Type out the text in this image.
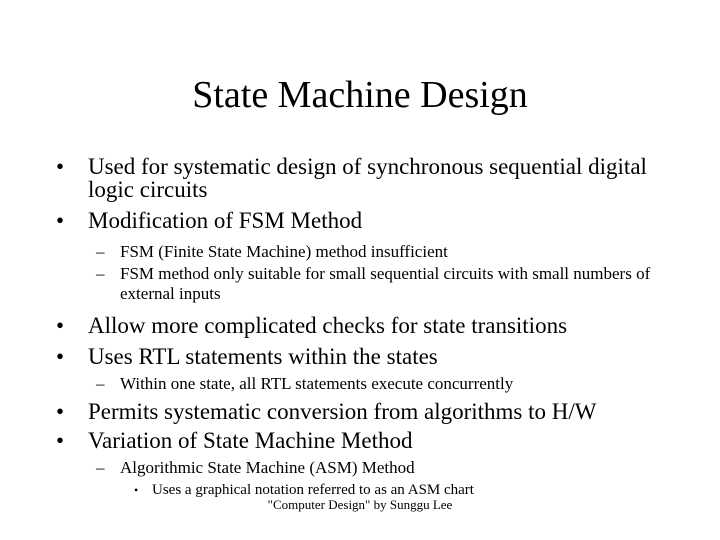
State Machine Design
• Used for systematic design of synchronous sequential digital logic circuits
• Modification of FSM Method
– FSM (Finite State Machine) method insufficient
– FSM method only suitable for small sequential circuits with small numbers of external inputs
• Allow more complicated checks for state transitions
• Uses RTL statements within the states
– Within one state, all RTL statements execute concurrently
• Permits systematic conversion from algorithms to H/W
• Variation of State Machine Method
– Algorithmic State Machine (ASM) Method
• Uses a graphical notation referred to as an ASM chart
"Computer Design" by Sunggu Lee
